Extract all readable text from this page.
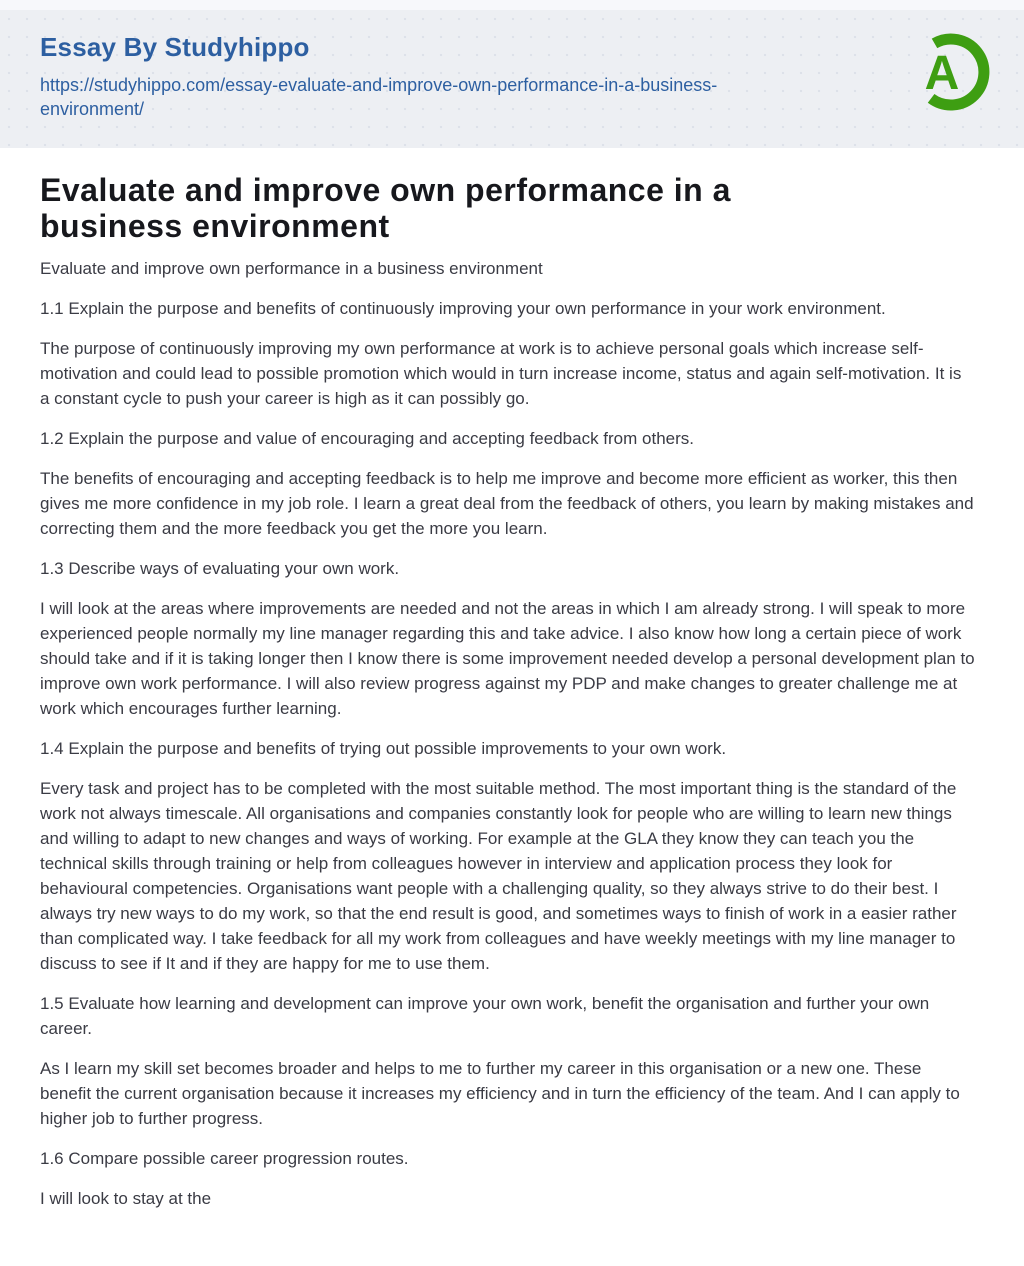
Essay By Studyhippo
https://studyhippo.com/essay-evaluate-and-improve-own-performance-in-a-business-
environment/
A
Evaluate and improve own performance in a business environment

Evaluate and improve own performance in a business environment

1.1 Explain the purpose and benefits of continuously improving your own performance in your work environment.

The purpose of continuously improving my own performance at work is to achieve personal goals which increase self-motivation and could lead to possible promotion which would in turn increase income, status and again self-motivation. It is a constant cycle to push your career is high as it can possibly go.

1.2 Explain the purpose and value of encouraging and accepting feedback from others.

The benefits of encouraging and accepting feedback is to help me improve and become more efficient as worker, this then gives me more confidence in my job role. I learn a great deal from the feedback of others, you learn by making mistakes and correcting them and the more feedback you get the more you learn.

1.3 Describe ways of evaluating your own work.

I will look at the areas where improvements are needed and not the areas in which I am already strong. I will speak to more experienced people normally my line manager regarding this and take advice. I also know how long a certain piece of work should take and if it is taking longer then I know there is some improvement needed develop a personal development plan to improve own work performance. I will also review progress against my PDP and make changes to greater challenge me at work which encourages further learning.

1.4 Explain the purpose and benefits of trying out possible improvements to your own work.

Every task and project has to be completed with the most suitable method. The most important thing is the standard of the work not always timescale. All organisations and companies constantly look for people who are willing to learn new things and willing to adapt to new changes and ways of working. For example at the GLA they know they can teach you the technical skills through training or help from colleagues however in interview and application process they look for behavioural competencies. Organisations want people with a challenging quality, so they always strive to do their best. I always try new ways to do my work, so that the end result is good, and sometimes ways to finish of work in a easier rather than complicated way. I take feedback for all my work from colleagues and have weekly meetings with my line manager to discuss to see if It and if they are happy for me to use them.

1.5 Evaluate how learning and development can improve your own work, benefit the organisation and further your own career.

As I learn my skill set becomes broader and helps to me to further my career in this organisation or a new one. These benefit the current organisation because it increases my efficiency and in turn the efficiency of the team. And I can apply to higher job to further progress.

1.6 Compare possible career progression routes.

I will look to stay at the
